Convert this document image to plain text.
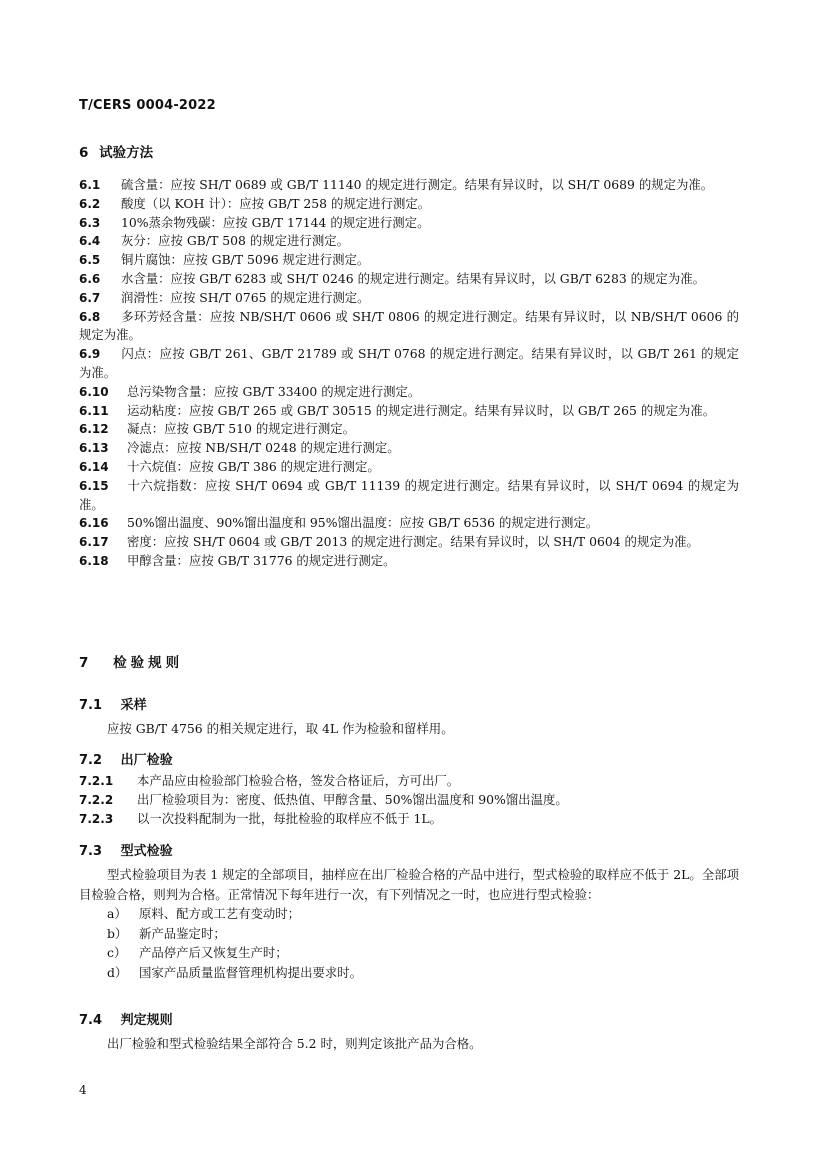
T/CERS 0004-2022
6 试验方法

6.1 硫含量：应按 SH/T 0689 或 GB/T 11140 的规定进行测定。结果有异议时，以 SH/T 0689 的规定为准。

6.2 酸度（以 KOH 计）：应按 GB/T 258 的规定进行测定。

6.3 10%蒸余物残碳：应按 GB/T 17144 的规定进行测定。

6.4 灰分：应按 GB/T 508 的规定进行测定。

6.5 铜片腐蚀：应按 GB/T 5096 规定进行测定。

6.6 水含量：应按 GB/T 6283 或 SH/T 0246 的规定进行测定。结果有异议时，以 GB/T 6283 的规定为准。

6.7 润滑性：应按 SH/T 0765 的规定进行测定。

6.8 多环芳烃含量：应按 NB/SH/T 0606 或 SH/T 0806 的规定进行测定。结果有异议时，以 NB/SH/T 0606 的规定为准。

6.9 闪点：应按 GB/T 261、GB/T 21789 或 SH/T 0768 的规定进行测定。结果有异议时，以 GB/T 261 的规定为准。

6.10 总污染物含量：应按 GB/T 33400 的规定进行测定。

6.11 运动粘度：应按 GB/T 265 或 GB/T 30515 的规定进行测定。结果有异议时，以 GB/T 265 的规定为准。

6.12 凝点：应按 GB/T 510 的规定进行测定。

6.13 冷滤点：应按 NB/SH/T 0248 的规定进行测定。

6.14 十六烷值：应按 GB/T 386 的规定进行测定。

6.15 十六烷指数：应按 SH/T 0694 或 GB/T 11139 的规定进行测定。结果有异议时，以 SH/T 0694 的规定为准。

6.16 50%馏出温度、90%馏出温度和 95%馏出温度：应按 GB/T 6536 的规定进行测定。

6.17 密度：应按 SH/T 0604 或 GB/T 2013 的规定进行测定。结果有异议时，以 SH/T 0604 的规定为准。

6.18 甲醇含量：应按 GB/T 31776 的规定进行测定。

7 检验规则
7.1 采样

应按 GB/T 4756 的相关规定进行，取 4L 作为检验和留样用。

7.2 出厂检验

7.2.1 本产品应由检验部门检验合格，签发合格证后，方可出厂。

7.2.2 出厂检验项目为：密度、低热值、甲醇含量、50%馏出温度和 90%馏出温度。

7.2.3 以一次投料配制为一批，每批检验的取样应不低于 1L。

7.3 型式检验

型式检验项目为表 1 规定的全部项目，抽样应在出厂检验合格的产品中进行，型式检验的取样应不低于 2L。全部项目检验合格，则判为合格。正常情况下每年进行一次，有下列情况之一时，也应进行型式检验：

a） 原料、配方或工艺有变动时；

b） 新产品鉴定时；

c） 产品停产后又恢复生产时；

d） 国家产品质量监督管理机构提出要求时。

7.4 判定规则

出厂检验和型式检验结果全部符合 5.2 时，则判定该批产品为合格。

4
